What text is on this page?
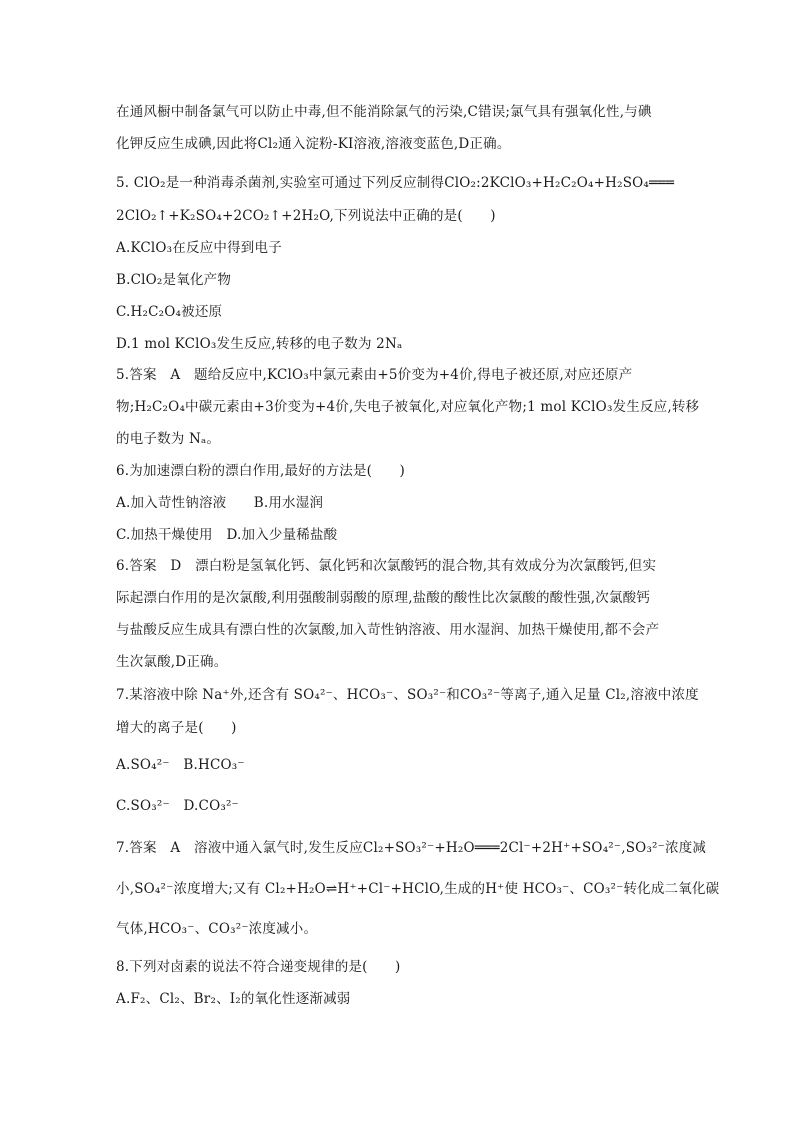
在通风橱中制备氯气可以防止中毒,但不能消除氯气的污染,C错误;氯气具有强氧化性,与碘
化钾反应生成碘,因此将Cl₂通入淀粉-KI溶液,溶液变蓝色,D正确。
5. ClO₂是一种消毒杀菌剂,实验室可通过下列反应制得ClO₂:2KClO₃+H₂C₂O₄+H₂SO₄═══
2ClO₂↑+K₂SO₄+2CO₂↑+2H₂O,下列说法中正确的是(　　)
A.KClO₃在反应中得到电子
B.ClO₂是氧化产物
C.H₂C₂O₄被还原
D.1 mol KClO₃发生反应,转移的电子数为 2Nₐ
5.答案　A　题给反应中,KClO₃中氯元素由+5价变为+4价,得电子被还原,对应还原产
物;H₂C₂O₄中碳元素由+3价变为+4价,失电子被氧化,对应氧化产物;1 mol KClO₃发生反应,转移
的电子数为 Nₐ。
6.为加速漂白粉的漂白作用,最好的方法是(　　)
A.加入苛性钠溶液　　B.用水湿润
C.加热干燥使用　D.加入少量稀盐酸
6.答案　D　漂白粉是氢氧化钙、氯化钙和次氯酸钙的混合物,其有效成分为次氯酸钙,但实
际起漂白作用的是次氯酸,利用强酸制弱酸的原理,盐酸的酸性比次氯酸的酸性强,次氯酸钙
与盐酸反应生成具有漂白性的次氯酸,加入苛性钠溶液、用水湿润、加热干燥使用,都不会产
生次氯酸,D正确。
7.某溶液中除 Na⁺外,还含有 SO₄²⁻、HCO₃⁻、SO₃²⁻和CO₃²⁻等离子,通入足量 Cl₂,溶液中浓度
增大的离子是(　　)
A.SO₄²⁻　B.HCO₃⁻
C.SO₃²⁻　D.CO₃²⁻
7.答案　A　溶液中通入氯气时,发生反应Cl₂+SO₃²⁻+H₂O═══2Cl⁻+2H⁺+SO₄²⁻,SO₃²⁻浓度减
小,SO₄²⁻浓度增大;又有 Cl₂+H₂O⇌H⁺+Cl⁻+HClO,生成的H⁺使 HCO₃⁻、CO₃²⁻转化成二氧化碳
气体,HCO₃⁻、CO₃²⁻浓度减小。
8.下列对卤素的说法不符合递变规律的是(　　)
A.F₂、Cl₂、Br₂、I₂的氧化性逐渐减弱
